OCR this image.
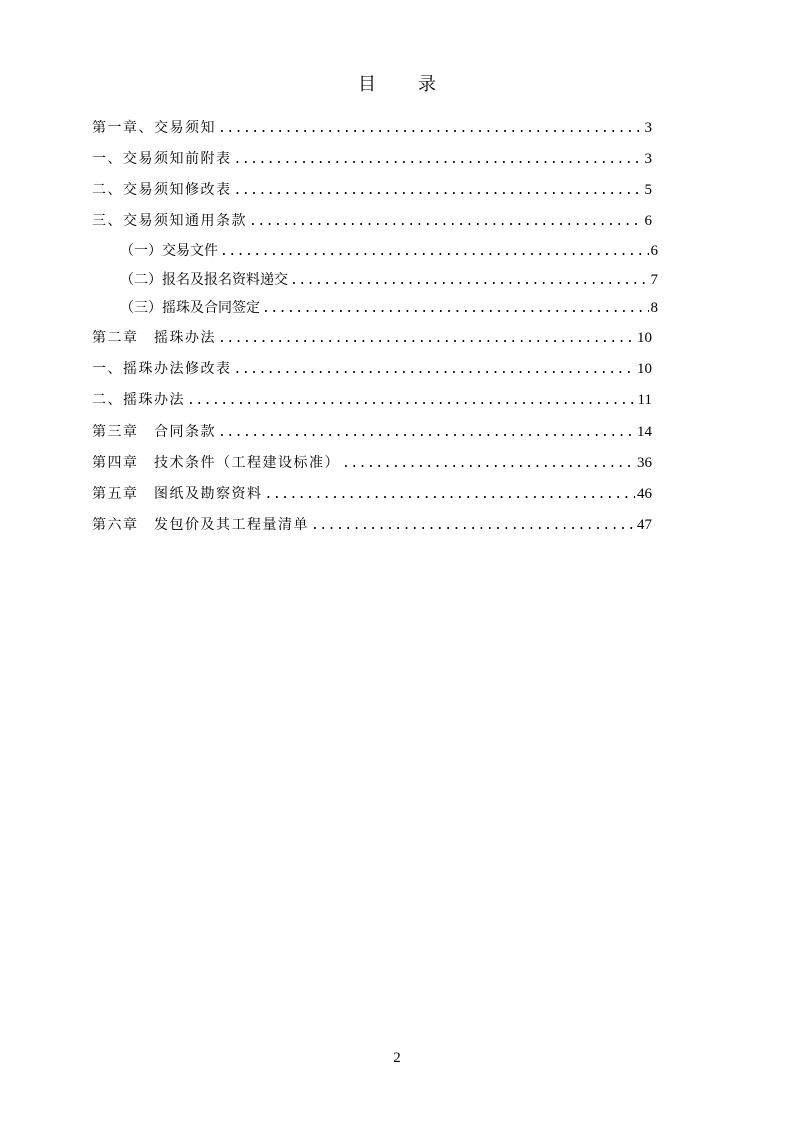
目 录
第一章、交易须知 .....	3
一、交易须知前附表 .....	3
二、交易须知修改表 .....	5
三、交易须知通用条款 .....	6
（一）交易文件 .....	6
（二）报名及报名资料递交 .....	7
（三）摇珠及合同签定 .....	8
第二章　摇珠办法 .....	10
一、摇珠办法修改表 .....	10
二、摇珠办法 .....	11
第三章　合同条款 .....	14
第四章　技术条件（工程建设标准） .....	36
第五章　图纸及勘察资料 .....	46
第六章　发包价及其工程量清单 .....	47
2
